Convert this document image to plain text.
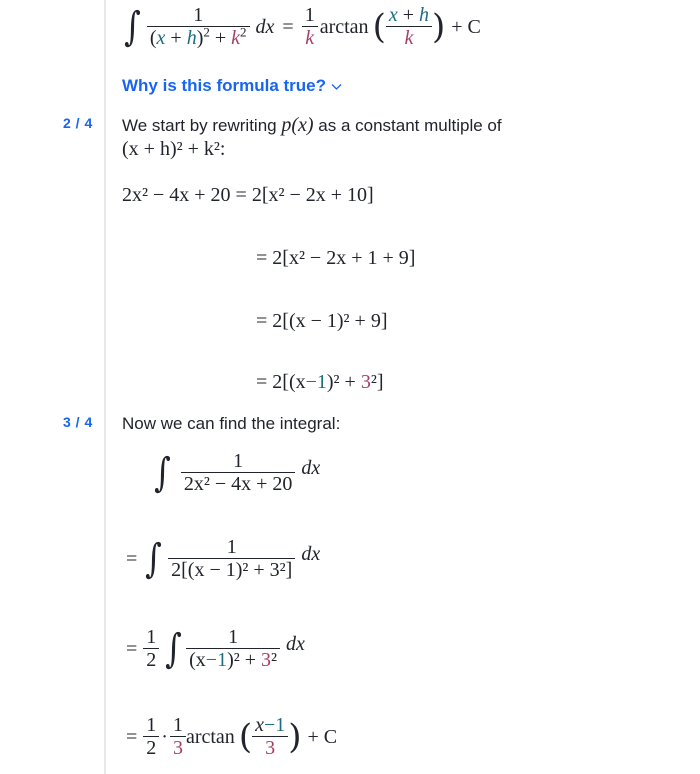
∫ $\frac{1}{(x + h)^2 + k^2}$ dx = $\frac{1}{k}$ arctan ( $\frac{x + h}{k}$ ) + C
Why is this formula true?
2 / 4 We start by rewriting p(x) as a constant multiple of
(x + h)² + k²:
2x² − 4x + 20 = 2[x² − 2x + 10]
= 2[x² − 2x + 1 + 9]
= 2[(x − 1)² + 9]
= 2[(x−1)² + 3²]
3 / 4 Now we can find the integral:
∫ $\frac{1}{\text{2x² − 4x + 20}}$ dx
= ∫ $\frac{1}{\text{2[(x − 1)² + 3²]}}$ dx
= $\frac{1}{2}$ ∫ $\frac{1}{\text{(x−1)² + 3²}}$ dx
= $\frac{1}{2} \cdot \frac{1}{3}$ arctan ( $\frac{x-1}{3}$ ) + C
